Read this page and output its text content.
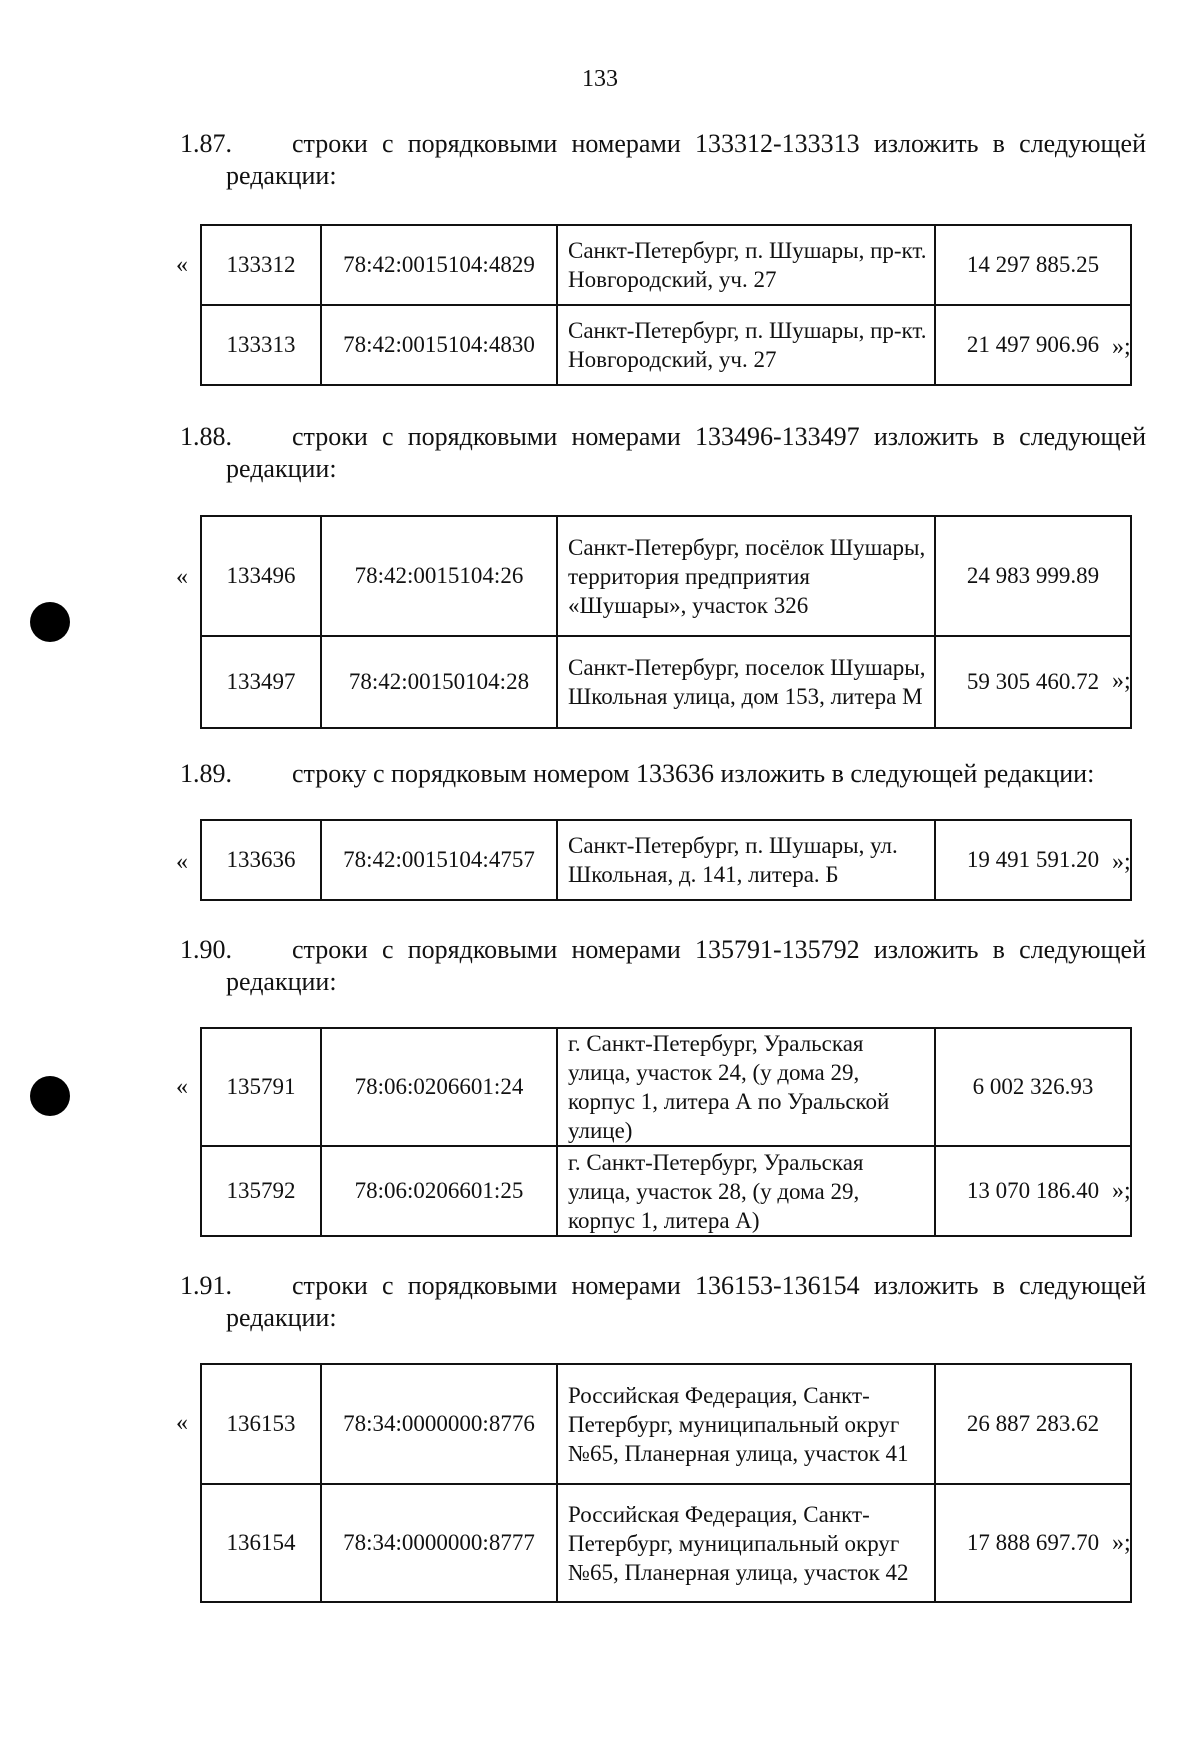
133
1.87. строки с порядковыми номерами 133312-133313 изложить в следующей
редакции:
« 133312	78:42:0015104:4829	Санкт-Петербург, п. Шушары, пр-кт. Новгородский, уч. 27	14 297 885.25
133313	78:42:0015104:4830	Санкт-Петербург, п. Шушары, пр-кт. Новгородский, уч. 27	21 497 906.96 »;
1.88. строки с порядковыми номерами 133496-133497 изложить в следующей
редакции:
« 133496	78:42:0015104:26	Санкт-Петербург, посёлок Шушары, территория предприятия «Шушары», участок 326	24 983 999.89
133497	78:42:00150104:28	Санкт-Петербург, поселок Шушары, Школьная улица, дом 153, литера М	59 305 460.72 »;
1.89. строку с порядковым номером 133636 изложить в следующей редакции:
« 133636	78:42:0015104:4757	Санкт-Петербург, п. Шушары, ул. Школьная, д. 141, литера. Б	19 491 591.20 »;
1.90. строки с порядковыми номерами 135791-135792 изложить в следующей
редакции:
« 135791	78:06:0206601:24	г. Санкт-Петербург, Уральская улица, участок 24, (у дома 29, корпус 1, литера А по Уральской улице)	6 002 326.93
135792	78:06:0206601:25	г. Санкт-Петербург, Уральская улица, участок 28, (у дома 29, корпус 1, литера А)	13 070 186.40 »;
1.91. строки с порядковыми номерами 136153-136154 изложить в следующей
редакции:
« 136153	78:34:0000000:8776	Российская Федерация, Санкт-Петербург, муниципальный округ №65, Планерная улица, участок 41	26 887 283.62
136154	78:34:0000000:8777	Российская Федерация, Санкт-Петербург, муниципальный округ №65, Планерная улица, участок 42	17 888 697.70 »;
